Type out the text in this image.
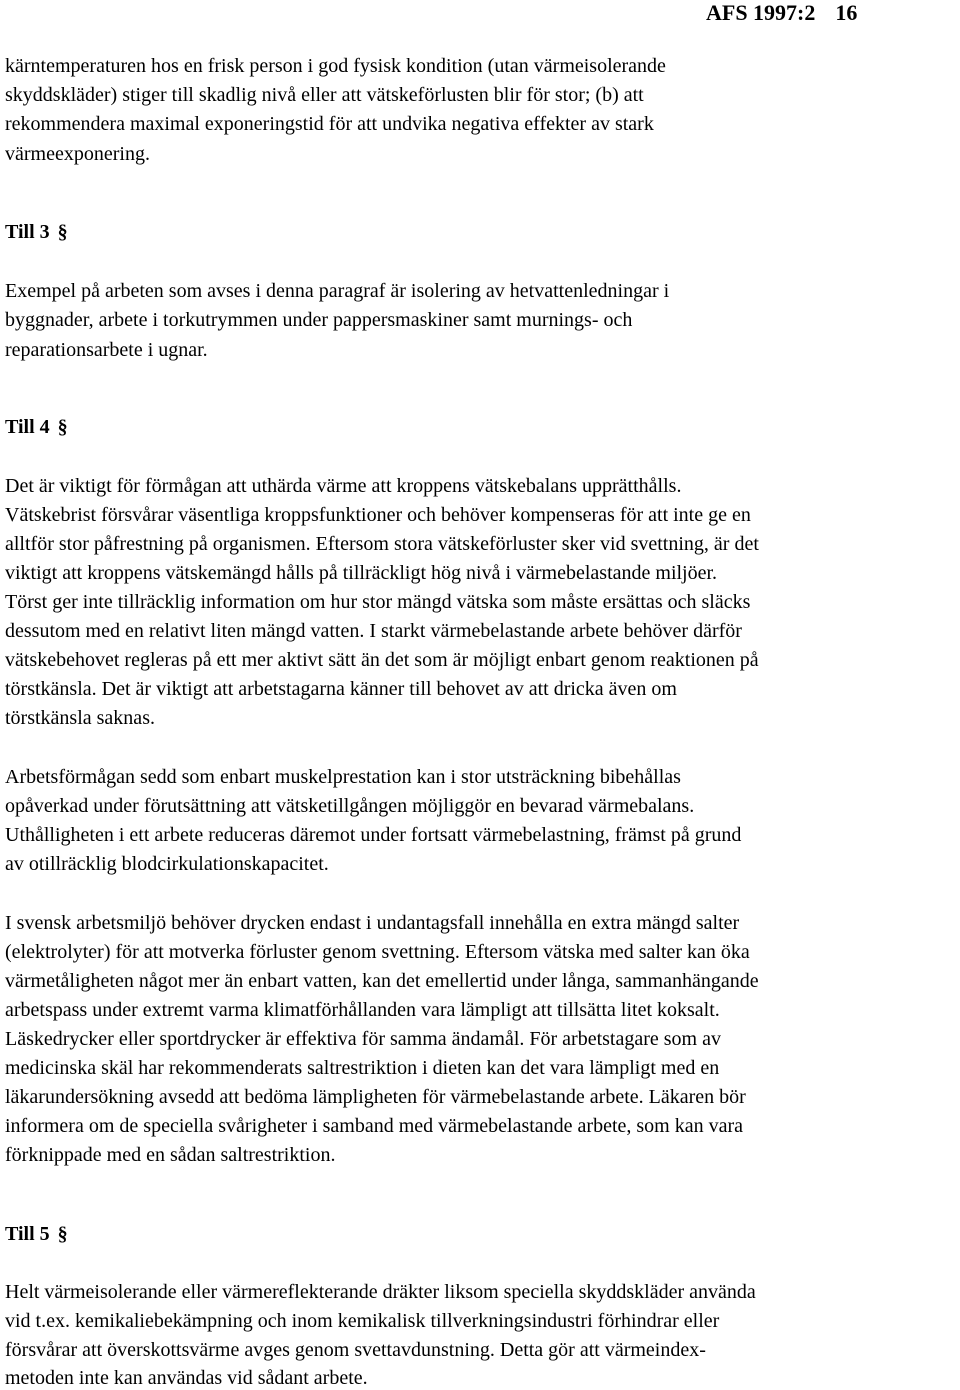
AFS 1997:2 16
kärntemperaturen hos en frisk person i god fysisk kondition (utan värmeisolerande
skyddskläder) stiger till skadlig nivå eller att vätskeförlusten blir för stor; (b) att
rekommendera maximal exponeringstid för att undvika negativa effekter av stark
värmeexponering.
Till 3 §
Exempel på arbeten som avses i denna paragraf är isolering av hetvattenledningar i
byggnader, arbete i torkutrymmen under pappersmaskiner samt murnings- och
reparationsarbete i ugnar.
Till 4 §
Det är viktigt för förmågan att uthärda värme att kroppens vätskebalans upprätthålls.
Vätskebrist försvårar väsentliga kroppsfunktioner och behöver kompenseras för att inte ge en
alltför stor påfrestning på organismen. Eftersom stora vätskeförluster sker vid svettning, är det
viktigt att kroppens vätskemängd hålls på tillräckligt hög nivå i värmebelastande miljöer.
Törst ger inte tillräcklig information om hur stor mängd vätska som måste ersättas och släcks
dessutom med en relativt liten mängd vatten. I starkt värmebelastande arbete behöver därför
vätskebehovet regleras på ett mer aktivt sätt än det som är möjligt enbart genom reaktionen på
törstkänsla. Det är viktigt att arbetstagarna känner till behovet av att dricka även om
törstkänsla saknas.
Arbetsförmågan sedd som enbart muskelprestation kan i stor utsträckning bibehållas
opåverkad under förutsättning att vätsketillgången möjliggör en bevarad värmebalans.
Uthålligheten i ett arbete reduceras däremot under fortsatt värmebelastning, främst på grund
av otillräcklig blodcirkulationskapacitet.
I svensk arbetsmiljö behöver drycken endast i undantagsfall innehålla en extra mängd salter
(elektrolyter) för att motverka förluster genom svettning. Eftersom vätska med salter kan öka
värmetåligheten något mer än enbart vatten, kan det emellertid under långa, sammanhängande
arbetspass under extremt varma klimatförhållanden vara lämpligt att tillsätta litet koksalt.
Läskedrycker eller sportdrycker är effektiva för samma ändamål. För arbetstagare som av
medicinska skäl har rekommenderats saltrestriktion i dieten kan det vara lämpligt med en
läkarundersökning avsedd att bedöma lämpligheten för värmebelastande arbete. Läkaren bör
informera om de speciella svårigheter i samband med värmebelastande arbete, som kan vara
förknippade med en sådan saltrestriktion.
Till 5 §
Helt värmeisolerande eller värmereflekterande dräkter liksom speciella skyddskläder använda
vid t.ex. kemikaliebekämpning och inom kemikalisk tillverkningsindustri förhindrar eller
försvårar att överskottsvärme avges genom svettavdunstning. Detta gör att värmeindex-
metoden inte kan användas vid sådant arbete.
